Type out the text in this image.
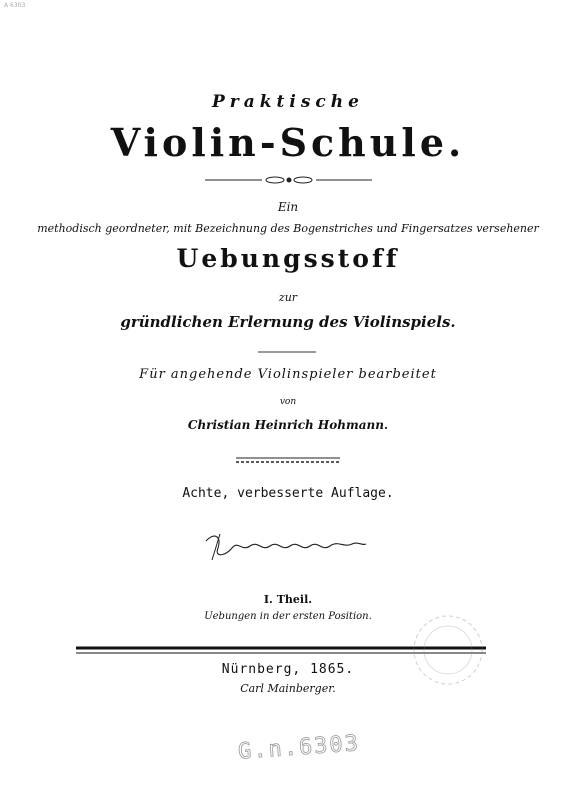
A 6303
Praktische
Violin-Schule.
Ein
methodisch geordneter, mit Bezeichnung des Bogenstriches und Fingersatzes versehener
Uebungsstoff
zur
gründlichen Erlernung des Violinspiels.
Für angehende Violinspieler bearbeitet
von
Christian Heinrich Hohmann.
Achte, verbesserte Auflage.
I. Theil.
Uebungen in der ersten Position.
Nürnberg, 1865.
Carl Mainberger.
G.n.6303
